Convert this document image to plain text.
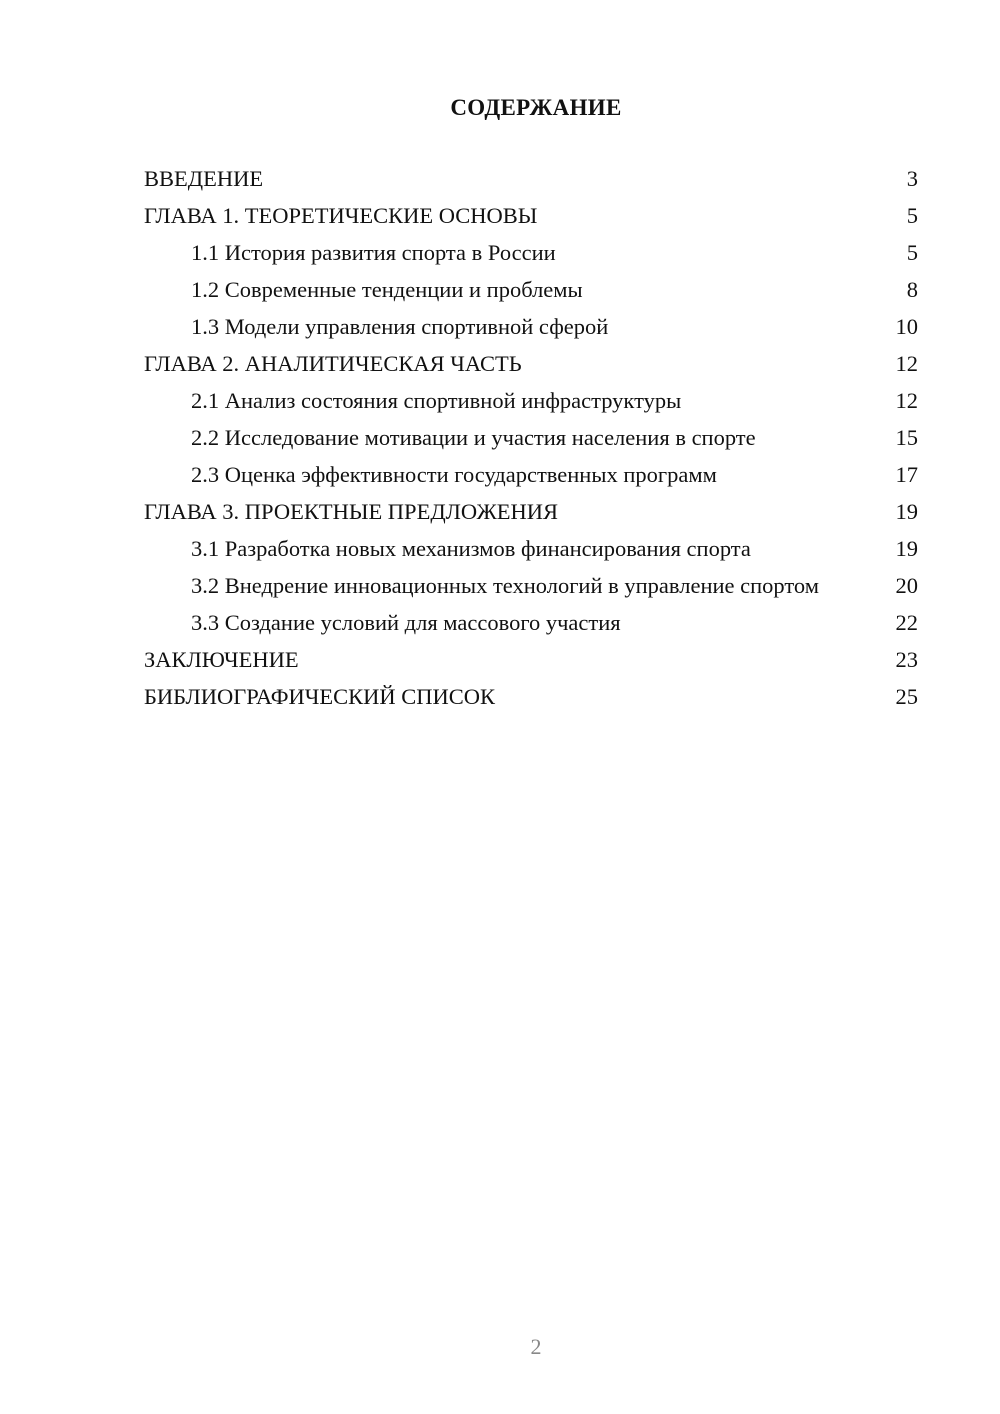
СОДЕРЖАНИЕ
ВВЕДЕНИЕ	3
ГЛАВА 1. ТЕОРЕТИЧЕСКИЕ ОСНОВЫ	5
1.1 История развития спорта в России	5
1.2 Современные тенденции и проблемы	8
1.3 Модели управления спортивной сферой	10
ГЛАВА 2. АНАЛИТИЧЕСКАЯ ЧАСТЬ	12
2.1 Анализ состояния спортивной инфраструктуры	12
2.2 Исследование мотивации и участия населения в спорте	15
2.3 Оценка эффективности государственных программ	17
ГЛАВА 3. ПРОЕКТНЫЕ ПРЕДЛОЖЕНИЯ	19
3.1 Разработка новых механизмов финансирования спорта	19
3.2 Внедрение инновационных технологий в управление спортом	20
3.3 Создание условий для массового участия	22
ЗАКЛЮЧЕНИЕ	23
БИБЛИОГРАФИЧЕСКИЙ СПИСОК	25
2
